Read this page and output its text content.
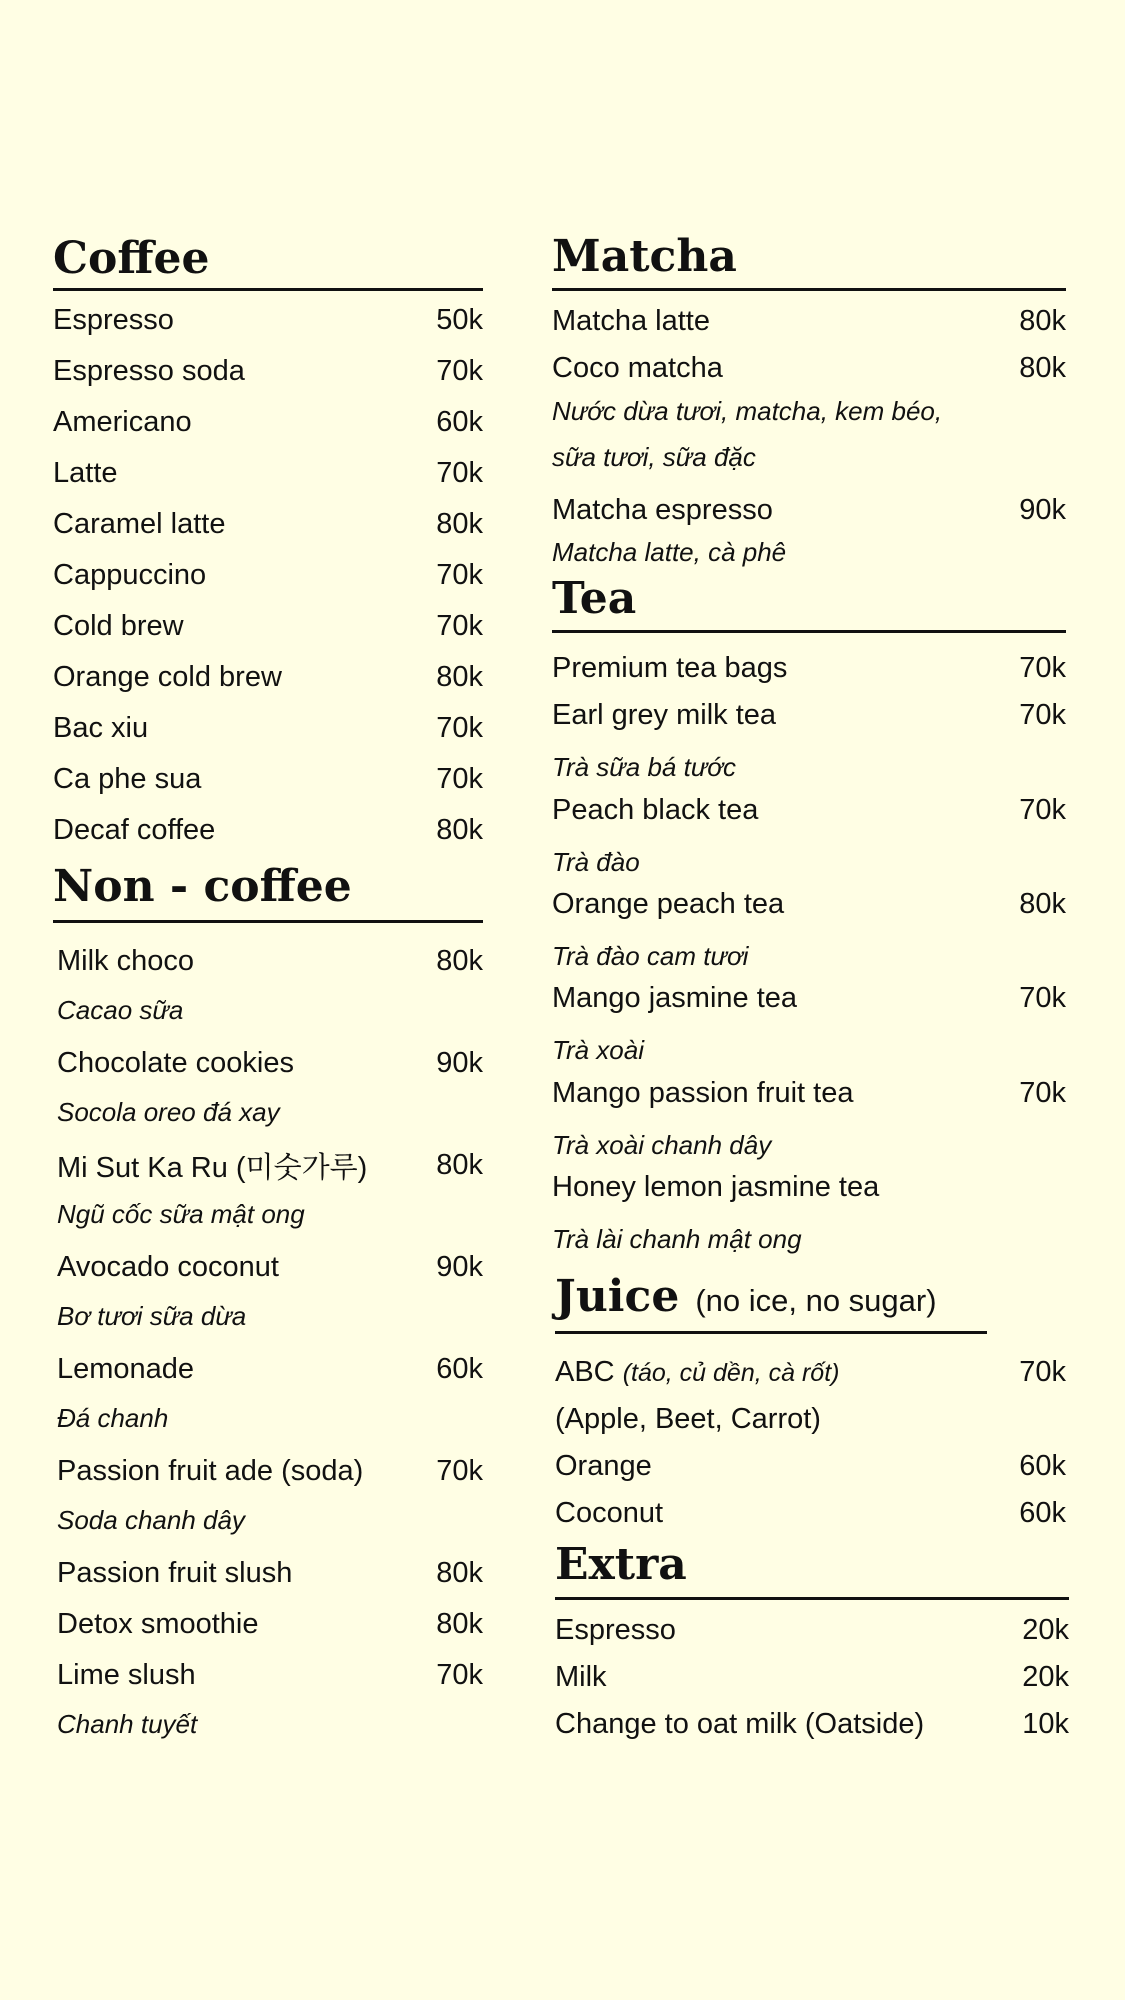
Coffee
Espresso	50k
Espresso soda	70k
Americano	60k
Latte	70k
Caramel latte	80k
Cappuccino	70k
Cold brew	70k
Orange cold brew	80k
Bac xiu	70k
Ca phe sua	70k
Decaf coffee	80k
Non - coffee
Milk choco	80k
Cacao sữa
Chocolate cookies	90k
Socola oreo đá xay
Mi Sut Ka Ru (미숫가루) 80k
Ngũ cốc sữa mật ong
Avocado coconut	90k
Bơ tươi sữa dừa
Lemonade	60k
Đá chanh
Passion fruit ade (soda)	70k
Soda chanh dây
Passion fruit slush	80k
Detox smoothie	80k
Lime slush	70k
Chanh tuyết
Matcha
Matcha latte	80k
Coco matcha	80k
Nước dừa tươi, matcha, kem béo,
sữa tươi, sữa đặc
Matcha espresso	90k
Matcha latte, cà phê
Tea
Premium tea bags	70k
Earl grey milk tea	70k
Trà sữa bá tước
Peach black tea	70k
Trà đào
Orange peach tea	80k
Trà đào cam tươi
Mango jasmine tea	70k
Trà xoài
Mango passion fruit tea	70k
Trà xoài chanh dây
Honey lemon jasmine tea
Trà lài chanh mật ong
Juice (no ice, no sugar)
ABC (táo, củ dền, cà rốt)	70k
(Apple, Beet, Carrot)
Orange	60k
Coconut	60k
Extra
Espresso	20k
Milk	20k
Change to oat milk (Oatside)	10k
